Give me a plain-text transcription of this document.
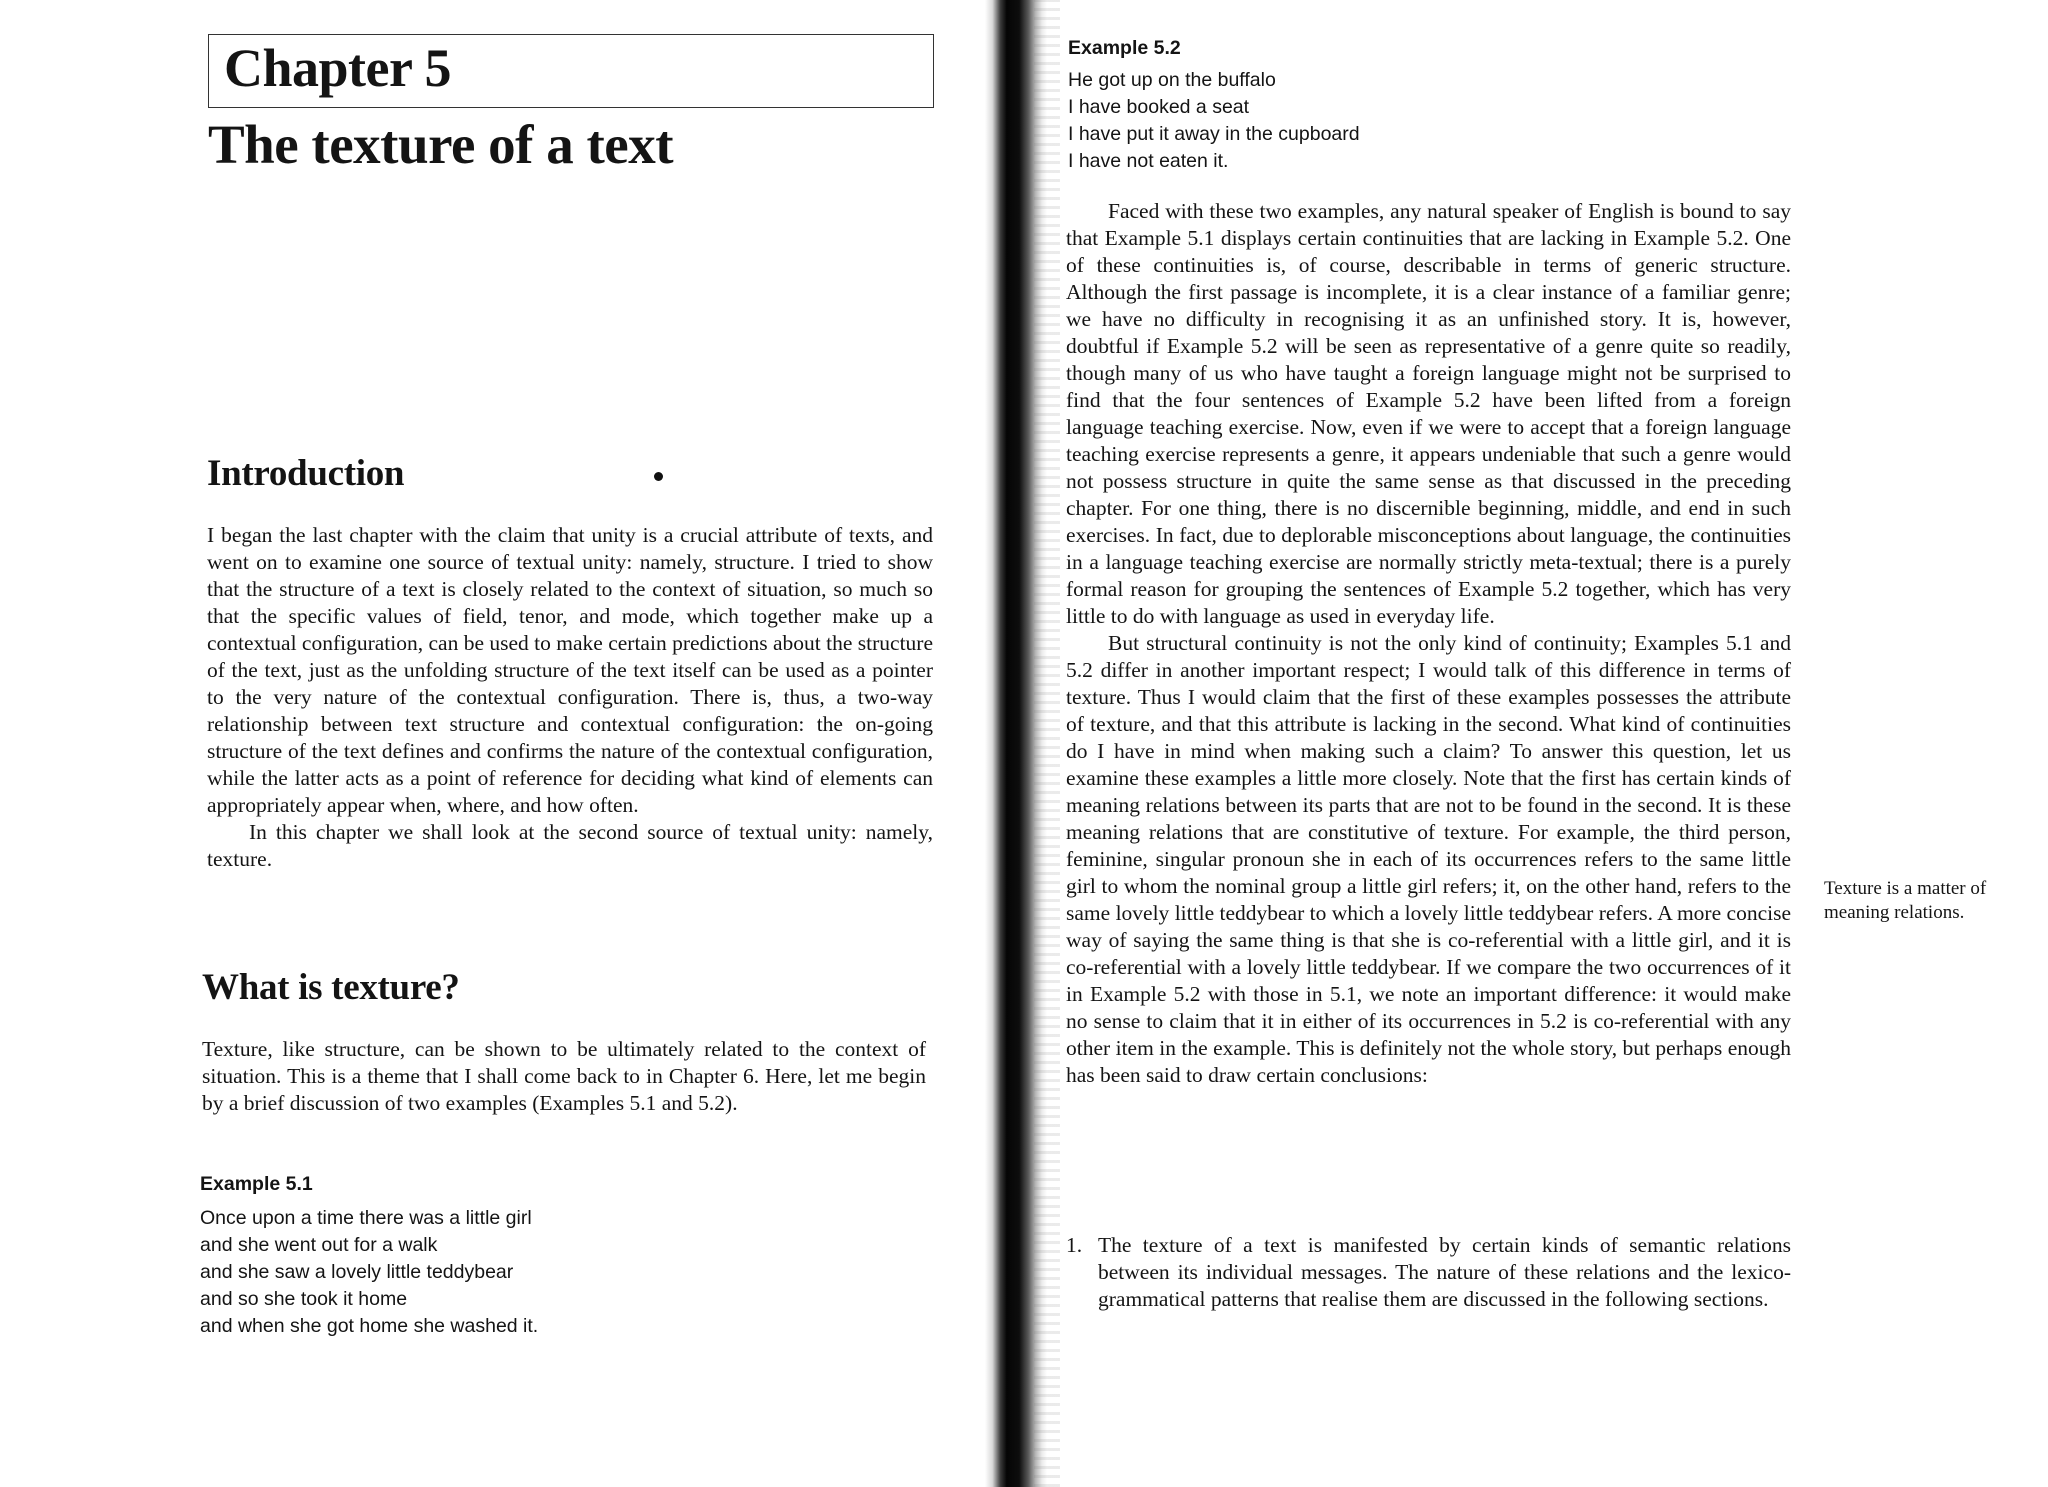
Chapter 5
The texture of a text
Introduction

I began the last chapter with the claim that unity is a crucial attribute of texts, and went on to examine one source of textual unity: namely, structure. I tried to show that the structure of a text is closely related to the context of situation, so much so that the specific values of field, tenor, and mode, which together make up a contextual configuration, can be used to make certain predictions about the structure of the text, just as the unfolding structure of the text itself can be used as a pointer to the very nature of the contextual configuration. There is, thus, a two-way relationship between text structure and contextual configuration: the on-going structure of the text defines and confirms the nature of the contextual configuration, while the latter acts as a point of reference for deciding what kind of elements can appropriately appear when, where, and how often.

In this chapter we shall look at the second source of textual unity: namely, texture.

What is texture?

Texture, like structure, can be shown to be ultimately related to the context of situation. This is a theme that I shall come back to in Chapter 6. Here, let me begin by a brief discussion of two examples (Examples 5.1 and 5.2).

Example 5.1
Once upon a time there was a little girl
and she went out for a walk
and she saw a lovely little teddybear
and so she took it home
and when she got home she washed it.
Example 5.2
He got up on the buffalo
I have booked a seat
I have put it away in the cupboard
I have not eaten it.

Faced with these two examples, any natural speaker of English is bound to say that Example 5.1 displays certain continuities that are lacking in Example 5.2. One of these continuities is, of course, describable in terms of generic structure. Although the first passage is incomplete, it is a clear instance of a familiar genre; we have no difficulty in recognising it as an unfinished story. It is, however, doubtful if Example 5.2 will be seen as representative of a genre quite so readily, though many of us who have taught a foreign language might not be surprised to find that the four sentences of Example 5.2 have been lifted from a foreign language teaching exercise. Now, even if we were to accept that a foreign language teaching exercise represents a genre, it appears undeniable that such a genre would not possess structure in quite the same sense as that discussed in the preceding chapter. For one thing, there is no discernible beginning, middle, and end in such exercises. In fact, due to deplorable misconceptions about language, the continuities in a language teaching exercise are normally strictly meta-textual; there is a purely formal reason for grouping the sentences of Example 5.2 together, which has very little to do with language as used in everyday life.

But structural continuity is not the only kind of continuity; Examples 5.1 and 5.2 differ in another important respect; I would talk of this difference in terms of texture. Thus I would claim that the first of these examples possesses the attribute of texture, and that this attribute is lacking in the second. What kind of continuities do I have in mind when making such a claim? To answer this question, let us examine these examples a little more closely. Note that the first has certain kinds of meaning relations between its parts that are not to be found in the second. It is these meaning relations that are constitutive of texture. For example, the third person, feminine, singular pronoun she in each of its occurrences refers to the same little girl to whom the nominal group a little girl refers; it, on the other hand, refers to the same lovely little teddybear to which a lovely little teddybear refers. A more concise way of saying the same thing is that she is co-referential with a little girl, and it is co-referential with a lovely little teddybear. If we compare the two occurrences of it in Example 5.2 with those in 5.1, we note an important difference: it would make no sense to claim that it in either of its occurrences in 5.2 is co-referential with any other item in the example. This is definitely not the whole story, but perhaps enough has been said to draw certain conclusions:

Texture is a matter of meaning relations.
1. The texture of a text is manifested by certain kinds of semantic relations between its individual messages. The nature of these relations and the lexico-grammatical patterns that realise them are discussed in the following sections.
